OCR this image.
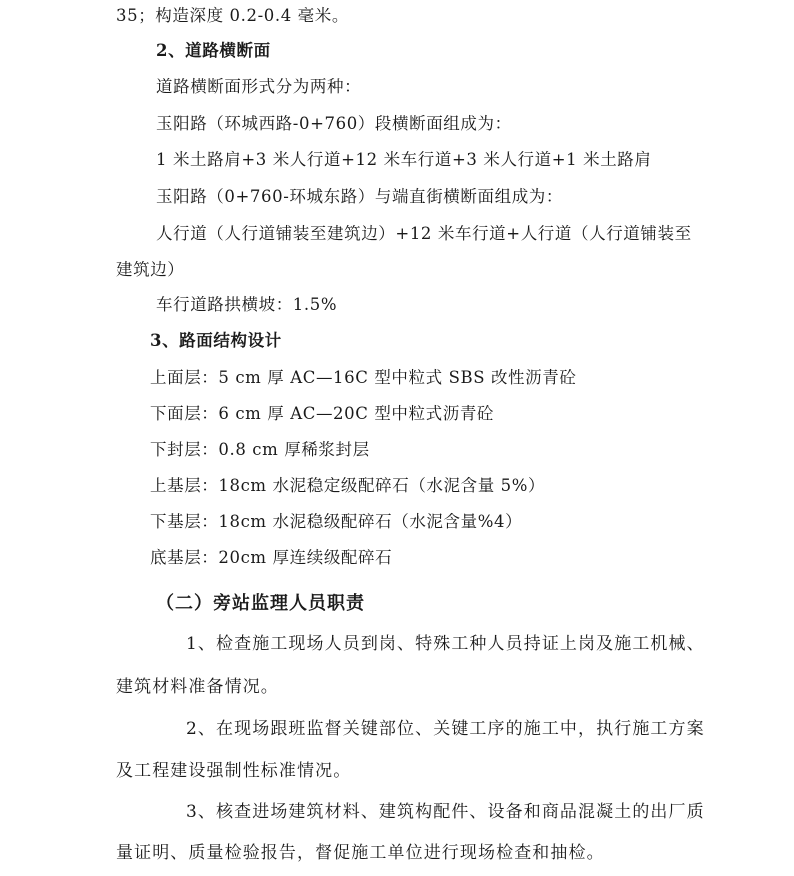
35；构造深度 0.2-0.4 毫米。
2、道路横断面
道路横断面形式分为两种：
玉阳路（环城西路-0+760）段横断面组成为：
1 米土路肩+3 米人行道+12 米车行道+3 米人行道+1 米土路肩
玉阳路（0+760-环城东路）与端直街横断面组成为：
人行道（人行道铺装至建筑边）+12 米车行道+人行道（人行道铺装至
建筑边）
车行道路拱横坡：1.5%
3、路面结构设计
上面层：5 cm 厚 AC—16C 型中粒式 SBS 改性沥青砼
下面层：6 cm 厚 AC—20C 型中粒式沥青砼
下封层：0.8 cm 厚稀浆封层
上基层：18cm 水泥稳定级配碎石（水泥含量 5%）
下基层：18cm 水泥稳级配碎石（水泥含量%4）
底基层：20cm 厚连续级配碎石
（二）旁站监理人员职责
1、检查施工现场人员到岗、特殊工种人员持证上岗及施工机械、
建筑材料准备情况。
2、在现场跟班监督关键部位、关键工序的施工中，执行施工方案
及工程建设强制性标准情况。
3、核查进场建筑材料、建筑构配件、设备和商品混凝土的出厂质
量证明、质量检验报告，督促施工单位进行现场检查和抽检。
